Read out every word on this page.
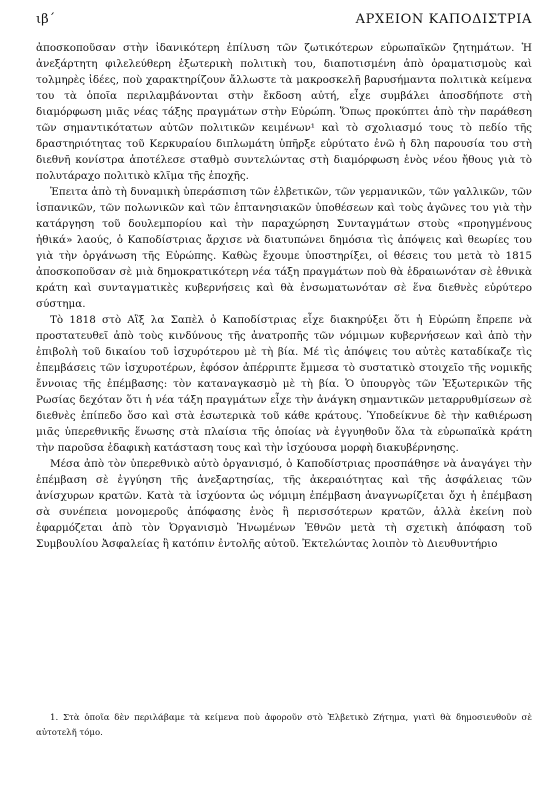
ιβ΄	ΑΡΧΕΙΟΝ ΚΑΠΟΔΙΣΤΡΙΑ

ἀποσκοποῦσαν στὴν ἰδανικότερη ἐπίλυση τῶν ζωτικότερων εὐρωπαϊκῶν ζητημάτων. Ἡ ἀνεξάρτητη φιλελεύθερη ἐξωτερικὴ πολιτικὴ του, διαποτισμένη ἀπὸ ὁραματισμοὺς καὶ τολμηρὲς ἰδέες, ποὺ χαρακτηρίζουν ἄλλωστε τὰ μακροσκελῆ βαρυσήμαντα πολιτικὰ κείμενα του τὰ ὁποῖα περιλαμβάνονται στὴν ἔκδοση αὐτή, εἶχε συμβάλει ἀποσδήποτε στὴ διαμόρφωση μιᾶς νέας τάξης πραγμάτων στὴν Εὐρώπη. Ὅπως προκύπτει ἀπὸ τὴν παράθεση τῶν σημαντικότατων αὐτῶν πολιτικῶν κειμένων¹ καὶ τὸ σχολιασμό τους τὸ πεδίο τῆς δραστηριότητας τοῦ Κερκυραίου διπλωμάτη ὑπῆρξε εὐρύτατο ἐνῶ ἡ δλη παρουσία του στὴ διεθνῆ κονίστρα ἀποτέλεσε σταθμὸ συντελώντας στὴ διαμόρφωση ἑνὸς νέου ἤθους γιὰ τὸ πολυτάραχο πολιτικὸ κλῖμα τῆς ἐποχῆς.

Ἐπειτα ἀπὸ τὴ δυναμικὴ ὑπεράσπιση τῶν ἐλβετικῶν, τῶν γερμανικῶν, τῶν γαλλικῶν, τῶν ἰσπανικῶν, τῶν πολωνικῶν καὶ τῶν ἑπτανησιακῶν ὑποθέσεων καὶ τοὺς ἀγῶνες του γιὰ τὴν κατάργηση τοῦ δουλεμπορίου καὶ τὴν παραχώρηση Συνταγμάτων στοὺς «προηγμένους ἠθικά» λαούς, ὁ Καποδίστριας ἄρχισε νὰ διατυπώνει δημόσια τὶς ἀπόψεις καὶ θεωρίες του γιὰ τὴν ὀργάνωση τῆς Εὐρώπης. Καθὼς ἔχουμε ὑποστηρίξει, οἱ θέσεις του μετὰ τὸ 1815 ἀποσκοποῦσαν σὲ μιὰ δημοκρατικότερη νέα τάξη πραγμάτων ποὺ θὰ ἑδραιωνόταν σὲ ἐθνικὰ κράτη καὶ συνταγματικὲς κυβερνήσεις καὶ θὰ ἐνσωματωνόταν σὲ ἕνα διεθνὲς εὐρύτερο σύστημα.

Τὸ 1818 στὸ Αἲξ λα Σαπὲλ ὁ Καποδίστριας εἶχε διακηρύξει ὅτι ἡ Εὐρώπη ἔπρεπε νὰ προστατευθεῖ ἀπὸ τοὺς κινδύνους τῆς ἀνατροπῆς τῶν νόμιμων κυβερνήσεων καὶ ἀπὸ τὴν ἐπιβολὴ τοῦ δικαίου τοῦ ἰσχυρότερου μὲ τὴ βία. Μέ τὶς ἀπόψεις του αὐτὲς καταδίκαζε τὶς ἐπεμβάσεις τῶν ἰσχυροτέρων, ἐφόσον ἀπέρριπτε ἔμμεσα τὸ συστατικὸ στοιχεῖο τῆς νομικῆς ἔννοιας τῆς ἐπέμβασης: τὸν καταναγκασμὸ μὲ τὴ βία. Ὁ ὑπουργὸς τῶν Ἐξωτερικῶν τῆς Ρωσίας δεχόταν ὅτι ἡ νέα τάξη πραγμάτων εἶχε τὴν ἀνάγκη σημαντικῶν μεταρρυθμίσεων σὲ διεθνὲς ἐπίπεδο ὅσο καὶ στὰ ἐσωτερικὰ τοῦ κάθε κράτους. Ὑποδείκνυε δὲ τὴν καθιέρωση μιᾶς ὑπερεθνικῆς ἕνωσης στὰ πλαίσια τῆς ὁποίας νὰ ἐγγυηθοῦν ὅλα τὰ εὐρωπαϊκὰ κράτη τὴν παροῦσα ἐδαφικὴ κατάσταση τους καὶ τὴν ἰσχύουσα μορφὴ διακυβέρνησης.

Μέσα ἀπὸ τὸν ὑπερεθνικὸ αὐτὸ ὀργανισμό, ὁ Καποδίστριας προσπάθησε νὰ ἀναγάγει τὴν ἐπέμβαση σὲ ἐγγύηση τῆς ἀνεξαρτησίας, τῆς ἀκεραιότητας καὶ τῆς ἀσφάλειας τῶν ἀνίσχυρων κρατῶν. Κατὰ τὰ ἰσχύοντα ὡς νόμιμη ἐπέμβαση ἀναγνωρίζεται ὄχι ἡ ἐπέμβαση σὰ συνέπεια μονομεροῦς ἀπόφασης ἑνὸς ἢ περισσότερων κρατῶν, ἀλλὰ ἐκείνη ποὺ ἐφαρμόζεται ἀπὸ τὸν Ὀργανισμὸ Ἡνωμένων Ἐθνῶν μετὰ τὴ σχετικὴ ἀπόφαση τοῦ Συμβουλίου Ἀσφαλείας ἢ κατόπιν ἐντολῆς αὐτοῦ. Ἐκτελώντας λοιπὸν τὸ Διευθυντήριο

1. Στὰ ὁποῖα δὲν περιλάβαμε τὰ κείμενα ποὺ ἀφοροῦν στὸ Ἑλβετικὸ Ζήτημα, γιατὶ θὰ δημοσιευθοῦν σὲ αὐτοτελῆ τόμο.
